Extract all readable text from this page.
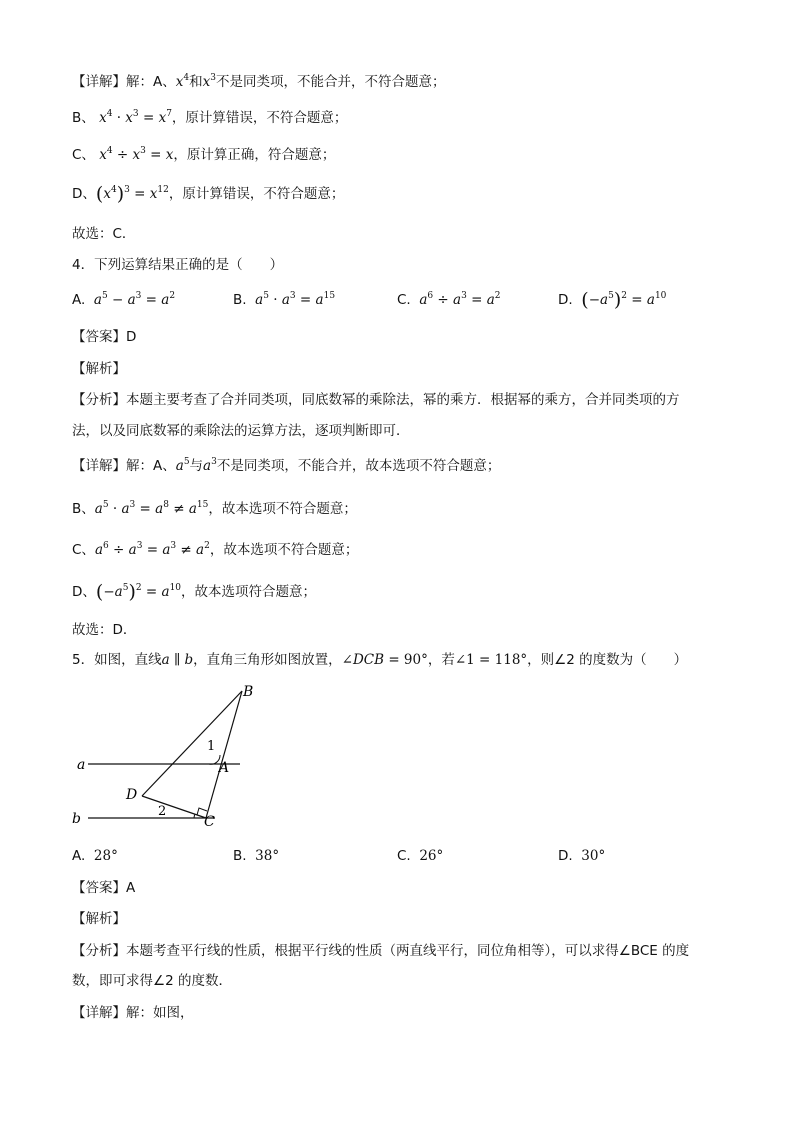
【详解】解：A、$x^4$和$x^3$不是同类项，不能合并，不符合题意；
B、 $x^4 \cdot x^3 = x^7$，原计算错误，不符合题意；
C、 $x^4 \div x^3 = x$，原计算正确，符合题意；
D、$(x^4)^3 = x^{12}$，原计算错误，不符合题意；
故选：C．
4．下列运算结果正确的是（　　）
A. $a^5 - a^3 = a^2$	B. $a^5 \cdot a^3 = a^{15}$	C. $a^6 \div a^3 = a^2$	D. $(-a^5)^2 = a^{10}$
【答案】D
【解析】
【分析】本题主要考查了合并同类项，同底数幂的乘除法，幂的乘方．根据幂的乘方，合并同类项的方
法，以及同底数幂的乘除法的运算方法，逐项判断即可．
【详解】解：A、$a^5$与$a^3$不是同类项，不能合并，故本选项不符合题意；
B、$a^5 \cdot a^3 = a^8 \ne a^{15}$，故本选项不符合题意；
C、$a^6 \div a^3 = a^3 \ne a^2$，故本选项不符合题意；
D、$(-a^5)^2 = a^{10}$，故本选项符合题意；
故选：D．
5．如图，直线a ∥ b，直角三角形如图放置，∠DCB = 90°，若∠1 = 118°，则∠2 的度数为（　　）
B
a	A
1
D
b	2
C
A. 28°	B. 38°	C. 26°	D. 30°
【答案】A
【解析】
【分析】本题考查平行线的性质，根据平行线的性质（两直线平行，同位角相等），可以求得∠BCE 的度
数，即可求得∠2 的度数．
【详解】解：如图，
